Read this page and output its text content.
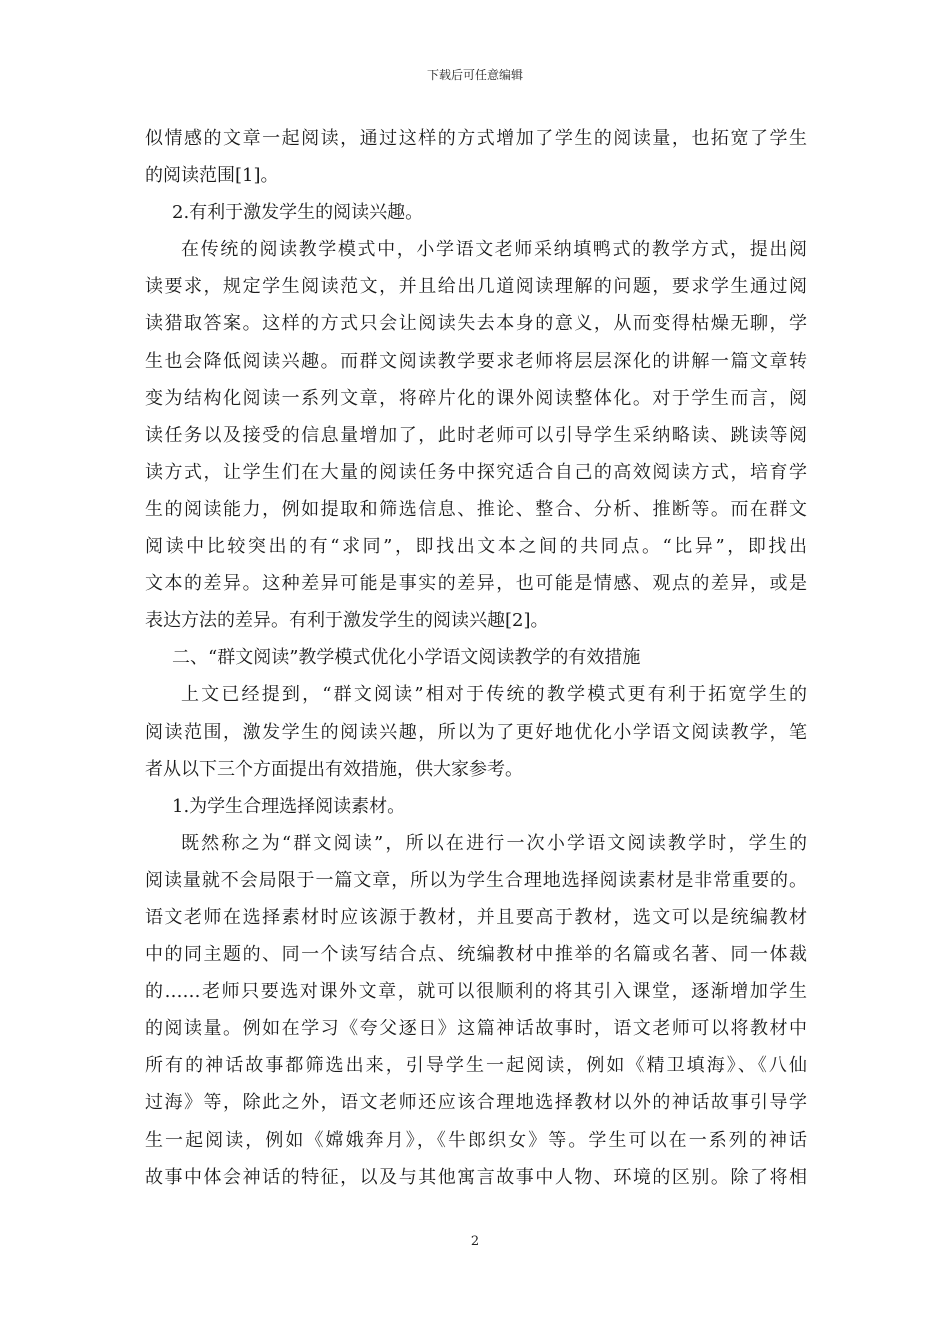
下载后可任意编辑
似情感的文章一起阅读，通过这样的方式增加了学生的阅读量，也拓宽了学生
的阅读范围[1]。
2.有利于激发学生的阅读兴趣。
在传统的阅读教学模式中，小学语文老师采纳填鸭式的教学方式，提出阅
读要求，规定学生阅读范文，并且给出几道阅读理解的问题，要求学生通过阅
读猎取答案。这样的方式只会让阅读失去本身的意义，从而变得枯燥无聊，学
生也会降低阅读兴趣。而群文阅读教学要求老师将层层深化的讲解一篇文章转
变为结构化阅读一系列文章，将碎片化的课外阅读整体化。对于学生而言，阅
读任务以及接受的信息量增加了，此时老师可以引导学生采纳略读、跳读等阅
读方式，让学生们在大量的阅读任务中探究适合自己的高效阅读方式，培育学
生的阅读能力，例如提取和筛选信息、推论、整合、分析、推断等。而在群文
阅读中比较突出的有“求同”，即找出文本之间的共同点。“比异”，即找出
文本的差异。这种差异可能是事实的差异，也可能是情感、观点的差异，或是
表达方法的差异。有利于激发学生的阅读兴趣[2]。
二、“群文阅读”教学模式优化小学语文阅读教学的有效措施
上文已经提到，“群文阅读”相对于传统的教学模式更有利于拓宽学生的
阅读范围，激发学生的阅读兴趣，所以为了更好地优化小学语文阅读教学，笔
者从以下三个方面提出有效措施，供大家参考。
1.为学生合理选择阅读素材。
既然称之为“群文阅读”，所以在进行一次小学语文阅读教学时，学生的
阅读量就不会局限于一篇文章，所以为学生合理地选择阅读素材是非常重要的。
语文老师在选择素材时应该源于教材，并且要高于教材，选文可以是统编教材
中的同主题的、同一个读写结合点、统编教材中推举的名篇或名著、同一体裁
的……老师只要选对课外文章，就可以很顺利的将其引入课堂，逐渐增加学生
的阅读量。例如在学习《夸父逐日》这篇神话故事时，语文老师可以将教材中
所有的神话故事都筛选出来，引导学生一起阅读，例如《精卫填海》、《八仙
过海》等，除此之外，语文老师还应该合理地选择教材以外的神话故事引导学
生一起阅读，例如《嫦娥奔月》，《牛郎织女》等。学生可以在一系列的神话
故事中体会神话的特征，以及与其他寓言故事中人物、环境的区别。除了将相
2
